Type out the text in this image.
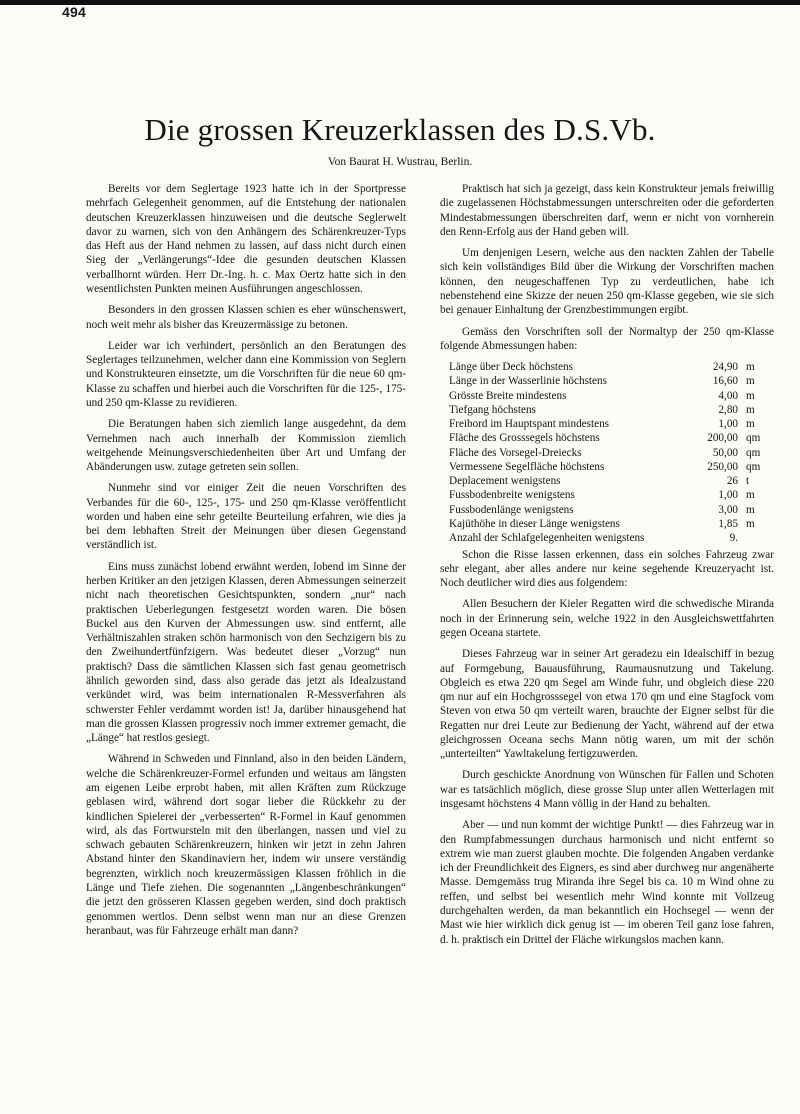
494
Die grossen Kreuzerklassen des D.S.Vb.

Von Baurat H. Wustrau, Berlin.

Bereits vor dem Seglertage 1923 hatte ich in der Sportpresse mehrfach Gelegenheit genommen, auf die Entstehung der nationalen deutschen Kreuzerklassen hinzuweisen und die deutsche Seglerwelt davor zu warnen, sich von den Anhängern des Schärenkreuzer-Typs das Heft aus der Hand nehmen zu lassen, auf dass nicht durch einen Sieg der „Verlängerungs“-Idee die gesunden deutschen Klassen verballhornt würden. Herr Dr.-Ing. h. c. Max Oertz hatte sich in den wesentlichsten Punkten meinen Ausführungen angeschlossen.

Besonders in den grossen Klassen schien es eher wünschenswert, noch weit mehr als bisher das Kreuzermässige zu betonen.

Leider war ich verhindert, persönlich an den Beratungen des Seglertages teilzunehmen, welcher dann eine Kommission von Seglern und Konstrukteuren einsetzte, um die Vorschriften für die neue 60 qm-Klasse zu schaffen und hierbei auch die Vorschriften für die 125-, 175- und 250 qm-Klasse zu revidieren.

Die Beratungen haben sich ziemlich lange ausgedehnt, da dem Vernehmen nach auch innerhalb der Kommission ziemlich weitgehende Meinungsverschiedenheiten über Art und Umfang der Abänderungen usw. zutage getreten sein sollen.

Nunmehr sind vor einiger Zeit die neuen Vorschriften des Verbandes für die 60-, 125-, 175- und 250 qm-Klasse veröffentlicht worden und haben eine sehr geteilte Beurteilung erfahren, wie dies ja bei dem lebhaften Streit der Meinungen über diesen Gegenstand verständlich ist.

Eins muss zunächst lobend erwähnt werden, lobend im Sinne der herben Kritiker an den jetzigen Klassen, deren Abmessungen seinerzeit nicht nach theoretischen Gesichtspunkten, sondern „nur“ nach praktischen Ueberlegungen festgesetzt worden waren. Die bösen Buckel aus den Kurven der Abmessungen usw. sind entfernt, alle Verhältniszahlen straken schön harmonisch von den Sechzigern bis zu den Zweihundertfünfzigern. Was bedeutet dieser „Vorzug“ nun praktisch? Dass die sämtlichen Klassen sich fast genau geometrisch ähnlich geworden sind, dass also gerade das jetzt als Idealzustand verkündet wird, was beim internationalen R-Messverfahren als schwerster Fehler verdammt worden ist! Ja, darüber hinausgehend hat man die grossen Klassen progressiv noch immer extremer gemacht, die „Länge“ hat restlos gesiegt.

Während in Schweden und Finnland, also in den beiden Ländern, welche die Schärenkreuzer-Formel erfunden und weitaus am längsten am eigenen Leibe erprobt haben, mit allen Kräften zum Rückzuge geblasen wird, während dort sogar lieber die Rückkehr zu der kindlichen Spielerei der „verbesserten“ R-Formel in Kauf genommen wird, als das Fortwursteln mit den überlangen, nassen und viel zu schwach gebauten Schärenkreuzern, hinken wir jetzt in zehn Jahren Abstand hinter den Skandinaviern her, indem wir unsere verständig begrenzten, wirklich noch kreuzermässigen Klassen fröhlich in die Länge und Tiefe ziehen. Die sogenannten „Längenbeschränkungen“ die jetzt den grösseren Klassen gegeben werden, sind doch praktisch genommen wertlos. Denn selbst wenn man nur an diese Grenzen heranbaut, was für Fahrzeuge erhält man dann?

Praktisch hat sich ja gezeigt, dass kein Konstrukteur jemals freiwillig die zugelassenen Höchstabmessungen unterschreiten oder die geforderten Mindestabmessungen überschreiten darf, wenn er nicht von vornherein den Renn-Erfolg aus der Hand geben will.

Um denjenigen Lesern, welche aus den nackten Zahlen der Tabelle sich kein vollständiges Bild über die Wirkung der Vorschriften machen können, den neugeschaffenen Typ zu verdeutlichen, habe ich nebenstehend eine Skizze der neuen 250 qm-Klasse gegeben, wie sie sich bei genauer Einhaltung der Grenzbestimmungen ergibt.

Gemäss den Vorschriften soll der Normaltyp der 250 qm-Klasse folgende Abmessungen haben:

Länge über Deck höchstens	24,90 m
Länge in der Wasserlinie höchstens	16,60 m
Grösste Breite mindestens	4,00 m
Tiefgang höchstens	2,80 m
Freibord im Hauptspant mindestens	1,00 m
Fläche des Grosssegels höchstens	200,00 qm
Fläche des Vorsegel-Dreiecks	50,00 qm
Vermessene Segelfläche höchstens	250,00 qm
Deplacement wenigstens	26 t
Fussbodenbreite wenigstens	1,00 m
Fussbodenlänge wenigstens	3,00 m
Kajüthöhe in dieser Länge wenigstens	1,85 m
Anzahl der Schlafgelegenheiten wenigstens	9.

Schon die Risse lassen erkennen, dass ein solches Fahrzeug zwar sehr elegant, aber alles andere nur keine segehende Kreuzeryacht ist. Noch deutlicher wird dies aus folgendem:

Allen Besuchern der Kieler Regatten wird die schwedische Miranda noch in der Erinnerung sein, welche 1922 in den Ausgleichswettfahrten gegen Oceana startete.

Dieses Fahrzeug war in seiner Art geradezu ein Idealschiff in bezug auf Formgebung, Bauausführung, Raumausnutzung und Takelung. Obgleich es etwa 220 qm Segel am Winde fuhr, und obgleich diese 220 qm nur auf ein Hochgrosssegel von etwa 170 qm und eine Stagfock vom Steven von etwa 50 qm verteilt waren, brauchte der Eigner selbst für die Regatten nur drei Leute zur Bedienung der Yacht, während auf der etwa gleichgrossen Oceana sechs Mann nötig waren, um mit der schön „unterteilten“ Yawltakelung fertigzuwerden.

Durch geschickte Anordnung von Wünschen für Fallen und Schoten war es tatsächlich möglich, diese grosse Slup unter allen Wetterlagen mit insgesamt höchstens 4 Mann völlig in der Hand zu behalten.

Aber — und nun kommt der wichtige Punkt! — dies Fahrzeug war in den Rumpfabmessungen durchaus harmonisch und nicht entfernt so extrem wie man zuerst glauben mochte. Die folgenden Angaben verdanke ich der Freundlichkeit des Eigners, es sind aber durchweg nur angenäherte Masse. Demgemäss trug Miranda ihre Segel bis ca. 10 m Wind ohne zu reffen, und selbst bei wesentlich mehr Wind konnte mit Vollzeug durchgehalten werden, da man bekanntlich ein Hochsegel — wenn der Mast wie hier wirklich dick genug ist — im oberen Teil ganz lose fahren, d. h. praktisch ein Drittel der Fläche wirkungslos machen kann.
